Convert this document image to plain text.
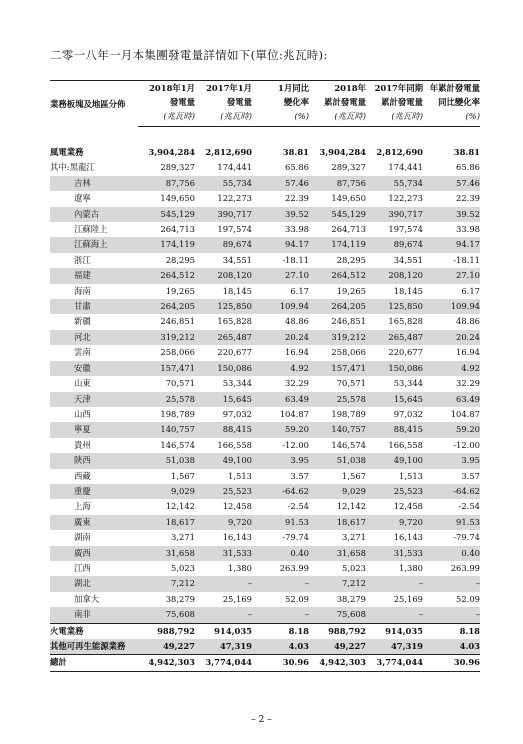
二零一八年一月本集團發電量詳情如下(單位:兆瓦時):
業務板塊及地區分佈	2018年1月	2017年1月	1月同比	2018年	2017年同期	年累計發電量
	發電量	發電量	變化率	累計發電量	累計發電量	同比變化率
	(兆瓦時)	(兆瓦時)	(%)	(兆瓦時)	(兆瓦時)	(%)

風電業務	3,904,284	2,812,690	38.81	3,904,284	2,812,690	38.81
其中:黑龍江	289,327	174,441	65.86	289,327	174,441	65.86
吉林	87,756	55,734	57.46	87,756	55,734	57.46
遼寧	149,650	122,273	22.39	149,650	122,273	22.39
內蒙古	545,129	390,717	39.52	545,129	390,717	39.52
江蘇陸上	264,713	197,574	33.98	264,713	197,574	33.98
江蘇海上	174,119	89,674	94.17	174,119	89,674	94.17
浙江	28,295	34,551	-18.11	28,295	34,551	-18.11
福建	264,512	208,120	27.10	264,512	208,120	27.10
海南	19,265	18,145	6.17	19,265	18,145	6.17
甘肅	264,205	125,850	109.94	264,205	125,850	109.94
新疆	246,851	165,828	48.86	246,851	165,828	48.86
河北	319,212	265,487	20.24	319,212	265,487	20.24
雲南	258,066	220,677	16.94	258,066	220,677	16.94
安徽	157,471	150,086	4.92	157,471	150,086	4.92
山東	70,571	53,344	32.29	70,571	53,344	32.29
天津	25,578	15,645	63.49	25,578	15,645	63.49
山西	198,789	97,032	104.87	198,789	97,032	104.87
寧夏	140,757	88,415	59.20	140,757	88,415	59.20
貴州	146,574	166,558	-12.00	146,574	166,558	-12.00
陝西	51,038	49,100	3.95	51,038	49,100	3.95
西藏	1,567	1,513	3.57	1,567	1,513	3.57
重慶	9,029	25,523	-64.62	9,029	25,523	-64.62
上海	12,142	12,458	-2.54	12,142	12,458	-2.54
廣東	18,617	9,720	91.53	18,617	9,720	91.53
湖南	3,271	16,143	-79.74	3,271	16,143	-79.74
廣西	31,658	31,533	0.40	31,658	31,533	0.40
江西	5,023	1,380	263.99	5,023	1,380	263.99
湖北	7,212	–	–	7,212	–	–
加拿大	38,279	25,169	52.09	38,279	25,169	52.09
南非	75,608	–	–	75,608	–	–
火電業務	988,792	914,035	8.18	988,792	914,035	8.18
其他可再生能源業務	49,227	47,319	4.03	49,227	47,319	4.03
總計	4,942,303	3,774,044	30.96	4,942,303	3,774,044	30.96
– 2 –
